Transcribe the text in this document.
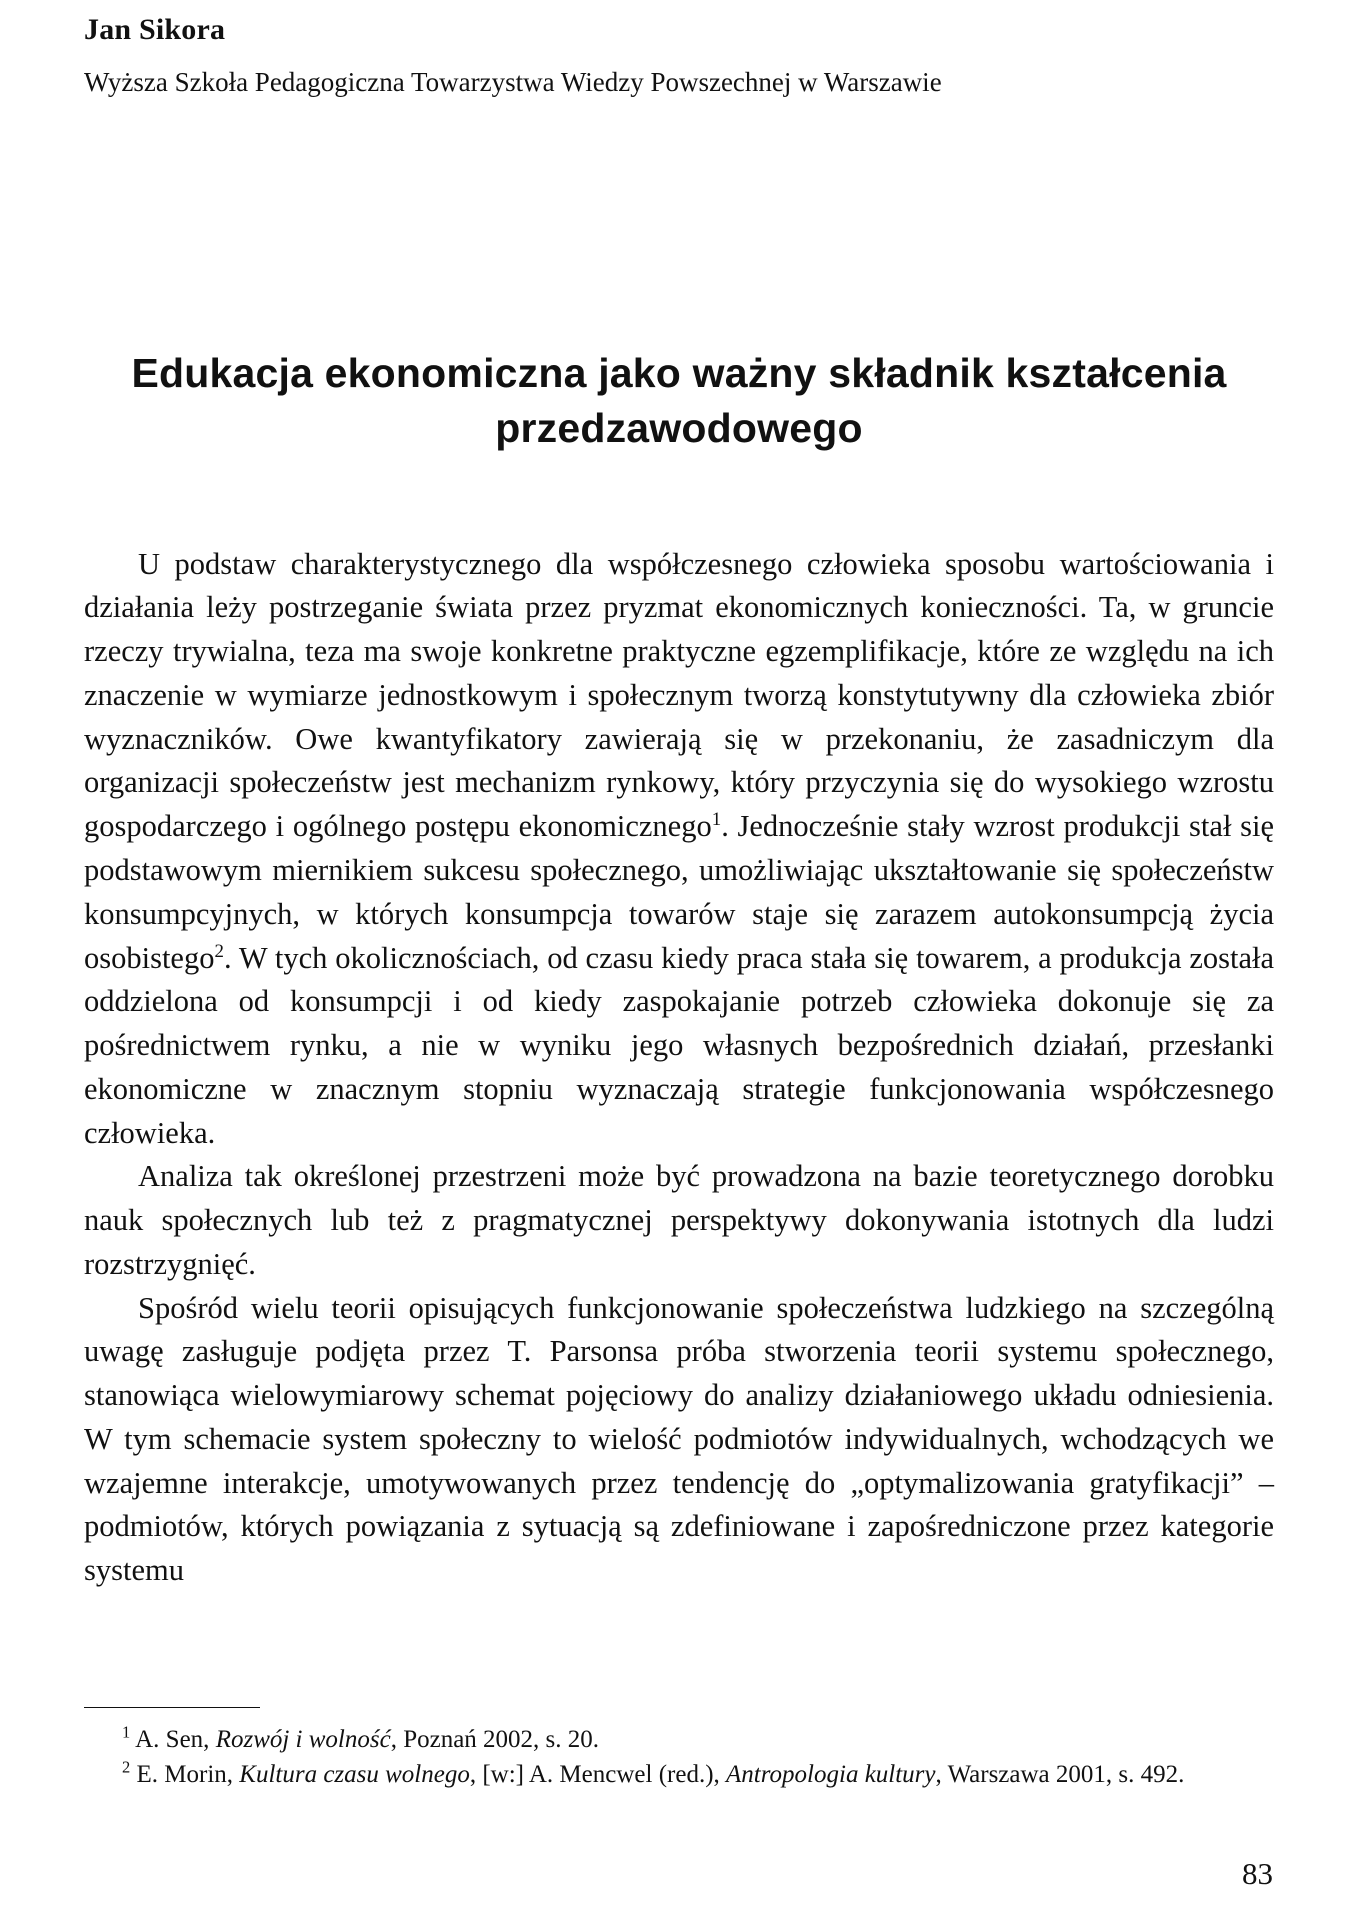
Jan Sikora
Wyższa Szkoła Pedagogiczna Towarzystwa Wiedzy Powszechnej w Warszawie
Edukacja ekonomiczna jako ważny składnik kształcenia przedzawodowego

U podstaw charakterystycznego dla współczesnego człowieka sposobu wartościowania i działania leży postrzeganie świata przez pryzmat ekonomicznych konieczności. Ta, w gruncie rzeczy trywialna, teza ma swoje konkretne praktyczne egzemplifikacje, które ze względu na ich znaczenie w wymiarze jednostkowym i społecznym tworzą konstytutywny dla człowieka zbiór wyznaczników. Owe kwantyfikatory zawierają się w przekonaniu, że zasadniczym dla organizacji społeczeństw jest mechanizm rynkowy, który przyczynia się do wysokiego wzrostu gospodarczego i ogólnego postępu ekonomicznego$^1$. Jednocześnie stały wzrost produkcji stał się podstawowym miernikiem sukcesu społecznego, umożliwiając ukształtowanie się społeczeństw konsumpcyjnych, w których konsumpcja towarów staje się zarazem autokonsumpcją życia osobistego$^2$. W tych okolicznościach, od czasu kiedy praca stała się towarem, a produkcja została oddzielona od konsumpcji i od kiedy zaspokajanie potrzeb człowieka dokonuje się za pośrednictwem rynku, a nie w wyniku jego własnych bezpośrednich działań, przesłanki ekonomiczne w znacznym stopniu wyznaczają strategie funkcjonowania współczesnego człowieka.

Analiza tak określonej przestrzeni może być prowadzona na bazie teoretycznego dorobku nauk społecznych lub też z pragmatycznej perspektywy dokonywania istotnych dla ludzi rozstrzygnięć.

Spośród wielu teorii opisujących funkcjonowanie społeczeństwa ludzkiego na szczególną uwagę zasługuje podjęta przez T. Parsonsa próba stworzenia teorii systemu społecznego, stanowiąca wielowymiarowy schemat pojęciowy do analizy działaniowego układu odniesienia. W tym schemacie system społeczny to wielość podmiotów indywidualnych, wchodzących we wzajemne interakcje, umotywowanych przez tendencję do „optymalizowania gratyfikacji” – podmiotów, których powiązania z sytuacją są zdefiniowane i zapośredniczone przez kategorie systemu

$^1$ A. Sen, Rozwój i wolność, Poznań 2002, s. 20.

$^2$ E. Morin, Kultura czasu wolnego, [w:] A. Mencwel (red.), Antropologia kultury, Warszawa 2001, s. 492.

83
